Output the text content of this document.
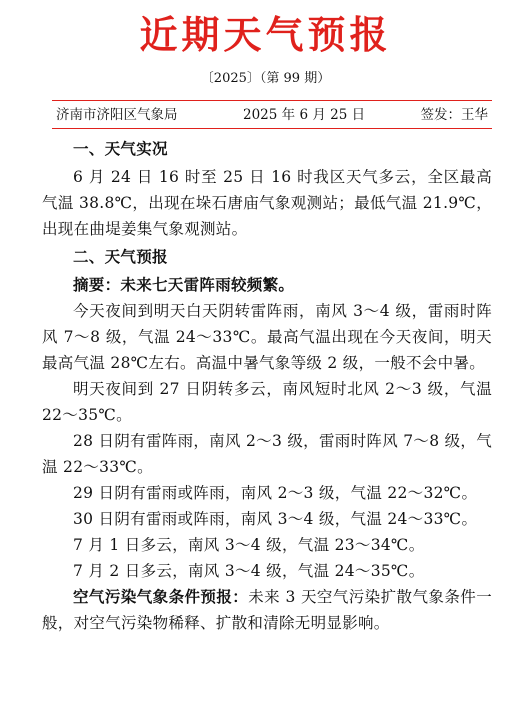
近期天气预报
〔2025〕（第 99 期）
济南市济阳区气象局	2025 年 6 月 25 日	签发：王华

一、天气实况

6 月 24 日 16 时至 25 日 16 时我区天气多云，全区最高气温 38.8℃，出现在垛石唐庙气象观测站；最低气温 21.9℃，出现在曲堤姜集气象观测站。

二、天气预报

摘要：未来七天雷阵雨较频繁。

今天夜间到明天白天阴转雷阵雨，南风 3～4 级，雷雨时阵风 7～8 级，气温 24～33℃。最高气温出现在今天夜间，明天最高气温 28℃左右。高温中暑气象等级 2 级，一般不会中暑。

明天夜间到 27 日阴转多云，南风短时北风 2～3 级，气温 22～35℃。

28 日阴有雷阵雨，南风 2～3 级，雷雨时阵风 7～8 级，气温 22～33℃。

29 日阴有雷雨或阵雨，南风 2～3 级，气温 22～32℃。

30 日阴有雷雨或阵雨，南风 3～4 级，气温 24～33℃。

7 月 1 日多云，南风 3～4 级，气温 23～34℃。

7 月 2 日多云，南风 3～4 级，气温 24～35℃。

空气污染气象条件预报：未来 3 天空气污染扩散气象条件一般，对空气污染物稀释、扩散和清除无明显影响。
